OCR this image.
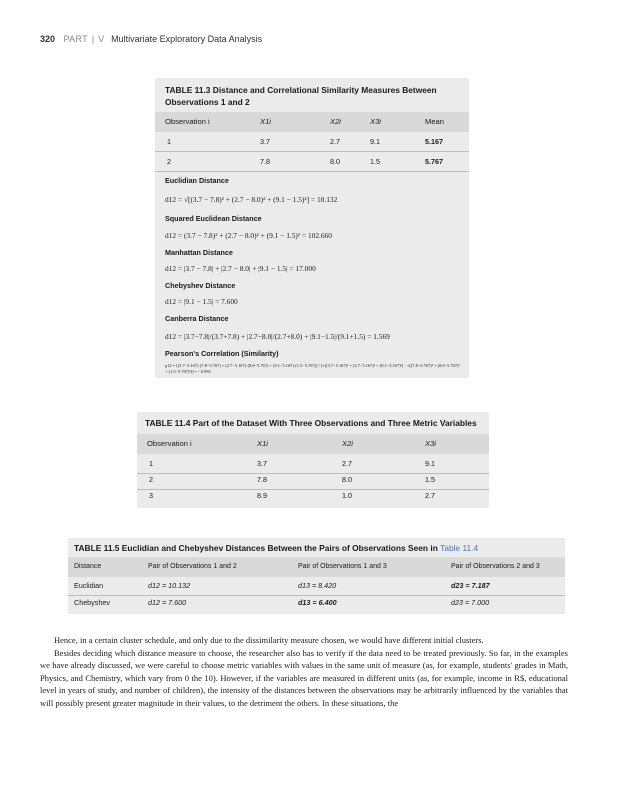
320 PART | V Multivariate Exploratory Data Analysis
TABLE 11.3 Distance and Correlational Similarity Measures Between Observations 1 and 2
Observation i	X1i	X2i	X3i	Mean
1	3.7	2.7	9.1	5.167
2	7.8	8.0	1.5	5.767
Euclidian Distance
d12 = √[(3.7 − 7.8)² + (2.7 − 8.0)² + (9.1 − 1.5)²] = 10.132
Squared Euclidean Distance
d12 = (3.7 − 7.8)² + (2.7 − 8.0)² + (9.1 − 1.5)² = 102.660
Manhattan Distance
d12 = |3.7 − 7.8| + |2.7 − 8.0| + |9.1 − 1.5| = 17.000
Chebyshev Distance
d12 = |9.1 − 1.5| = 7.600
Canberra Distance
d12 = |3.7−7.8|/(3.7+7.8) + |2.7−8.0|/(2.7+8.0) + |9.1−1.5|/(9.1+1.5) = 1.569
Pearson's Correlation (Similarity)
ρ12 = [(3.7−5.167)·(7.8−5.767) + (2.7−5.167)·(8.0−5.767) + (9.1−5.167)·(1.5−5.767)] / [√((3.7−5.167)² + (2.7−5.167)² + (9.1−5.167)²) · √((7.8−5.767)² + (8.0−5.767)² + (1.5−5.767)²)] = −0.993
TABLE 11.4 Part of the Dataset With Three Observations and Three Metric Variables
Observation i	X1i	X2i	X3i
1	3.7	2.7	9.1
2	7.8	8.0	1.5
3	8.9	1.0	2.7
TABLE 11.5 Euclidian and Chebyshev Distances Between the Pairs of Observations Seen in Table 11.4
Distance	Pair of Observations 1 and 2	Pair of Observations 1 and 3	Pair of Observations 2 and 3
Euclidian	d12 = 10.132	d13 = 8.420	d23 = 7.187
Chebyshev	d12 = 7.600	d13 = 6.400	d23 = 7.000

Hence, in a certain cluster schedule, and only due to the dissimilarity measure chosen, we would have different initial clusters.

Besides deciding which distance measure to choose, the researcher also has to verify if the data need to be treated previously. So far, in the examples we have already discussed, we were careful to choose metric variables with values in the same unit of measure (as, for example, students' grades in Math, Physics, and Chemistry, which vary from 0 the 10). However, if the variables are measured in different units (as, for example, income in R$, educational level in years of study, and number of children), the intensity of the distances between the observations may be arbitrarily influenced by the variables that will possibly present greater magnitude in their values, to the detriment the others. In these situations, the
